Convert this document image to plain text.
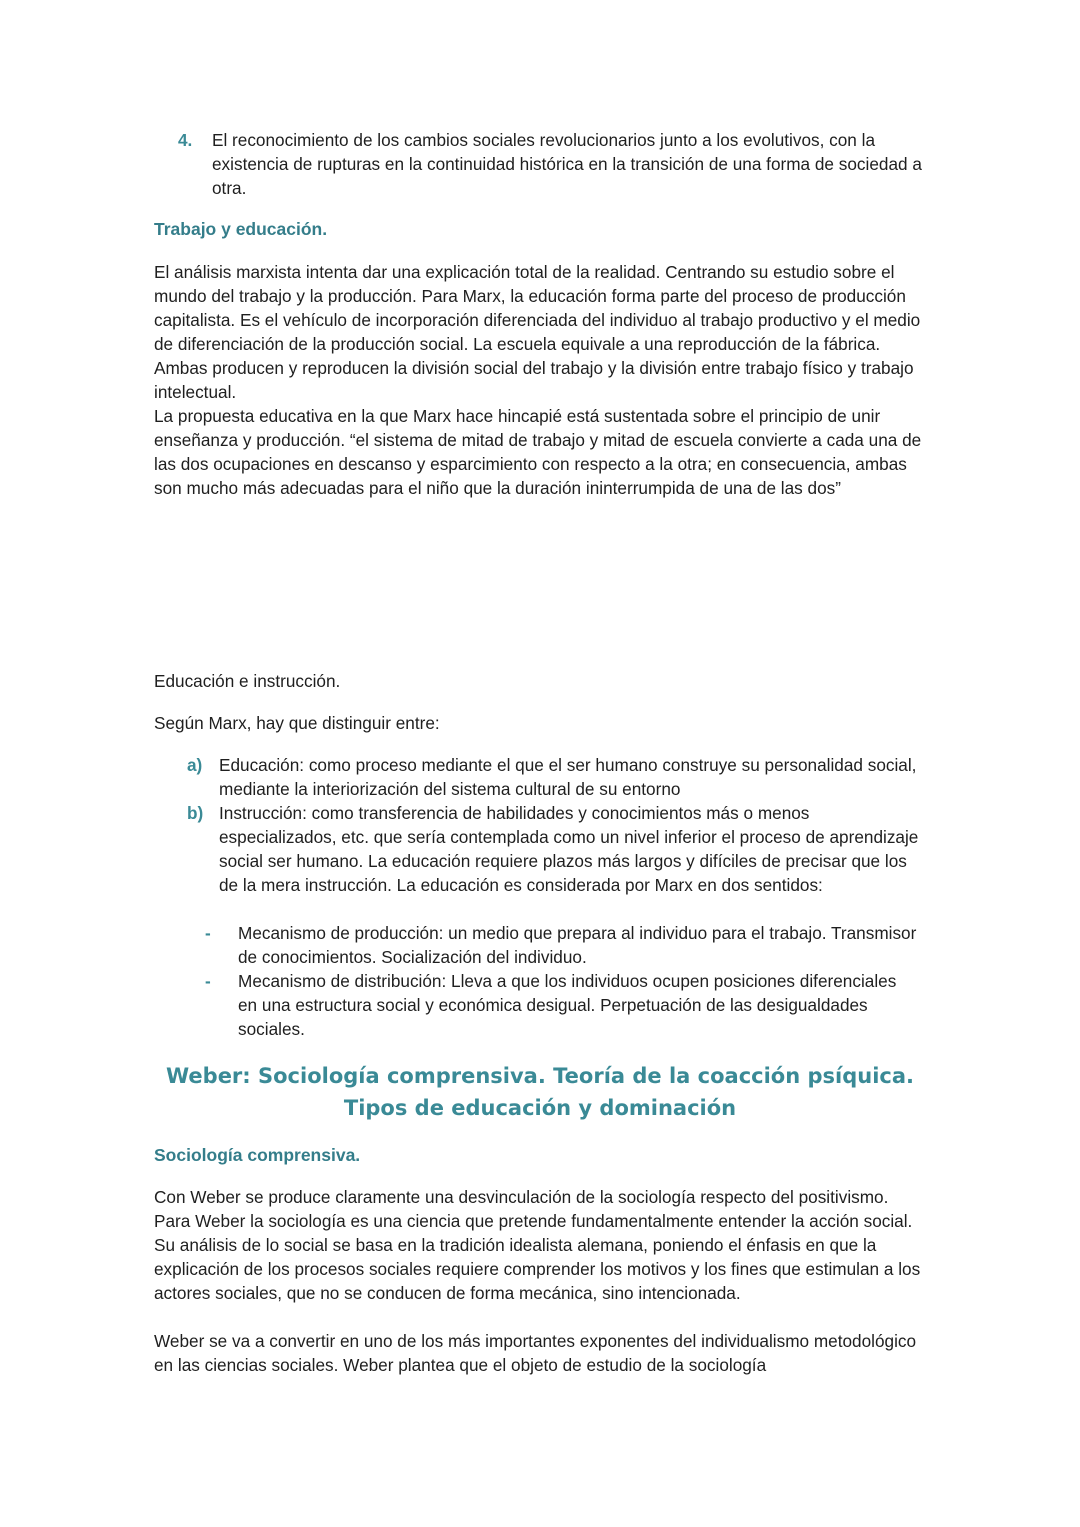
4. El reconocimiento de los cambios sociales revolucionarios junto a los evolutivos, con la existencia de rupturas en la continuidad histórica en la transición de una forma de sociedad a otra.

Trabajo y educación.

El análisis marxista intenta dar una explicación total de la realidad. Centrando su estudio sobre el mundo del trabajo y la producción. Para Marx, la educación forma parte del proceso de producción capitalista. Es el vehículo de incorporación diferenciada del individuo al trabajo productivo y el medio de diferenciación de la producción social. La escuela equivale a una reproducción de la fábrica. Ambas producen y reproducen la división social del trabajo y la división entre trabajo físico y trabajo intelectual.

La propuesta educativa en la que Marx hace hincapié está sustentada sobre el principio de unir enseñanza y producción. “el sistema de mitad de trabajo y mitad de escuela convierte a cada una de las dos ocupaciones en descanso y esparcimiento con respecto a la otra; en consecuencia, ambas son mucho más adecuadas para el niño que la duración ininterrumpida de una de las dos”

Educación e instrucción.

Según Marx, hay que distinguir entre:

a) Educación: como proceso mediante el que el ser humano construye su personalidad social, mediante la interiorización del sistema cultural de su entorno

b) Instrucción: como transferencia de habilidades y conocimientos más o menos especializados, etc. que sería contemplada como un nivel inferior el proceso de aprendizaje social ser humano. La educación requiere plazos más largos y difíciles de precisar que los de la mera instrucción. La educación es considerada por Marx en dos sentidos:

- Mecanismo de producción: un medio que prepara al individuo para el trabajo. Transmisor de conocimientos. Socialización del individuo.

- Mecanismo de distribución: Lleva a que los individuos ocupen posiciones diferenciales en una estructura social y económica desigual. Perpetuación de las desigualdades sociales.

Weber: Sociología comprensiva. Teoría de la coacción psíquica. Tipos de educación y dominación
Sociología comprensiva.

Con Weber se produce claramente una desvinculación de la sociología respecto del positivismo. Para Weber la sociología es una ciencia que pretende fundamentalmente entender la acción social. Su análisis de lo social se basa en la tradición idealista alemana, poniendo el énfasis en que la explicación de los procesos sociales requiere comprender los motivos y los fines que estimulan a los actores sociales, que no se conducen de forma mecánica, sino intencionada.

Weber se va a convertir en uno de los más importantes exponentes del individualismo metodológico en las ciencias sociales. Weber plantea que el objeto de estudio de la sociología
